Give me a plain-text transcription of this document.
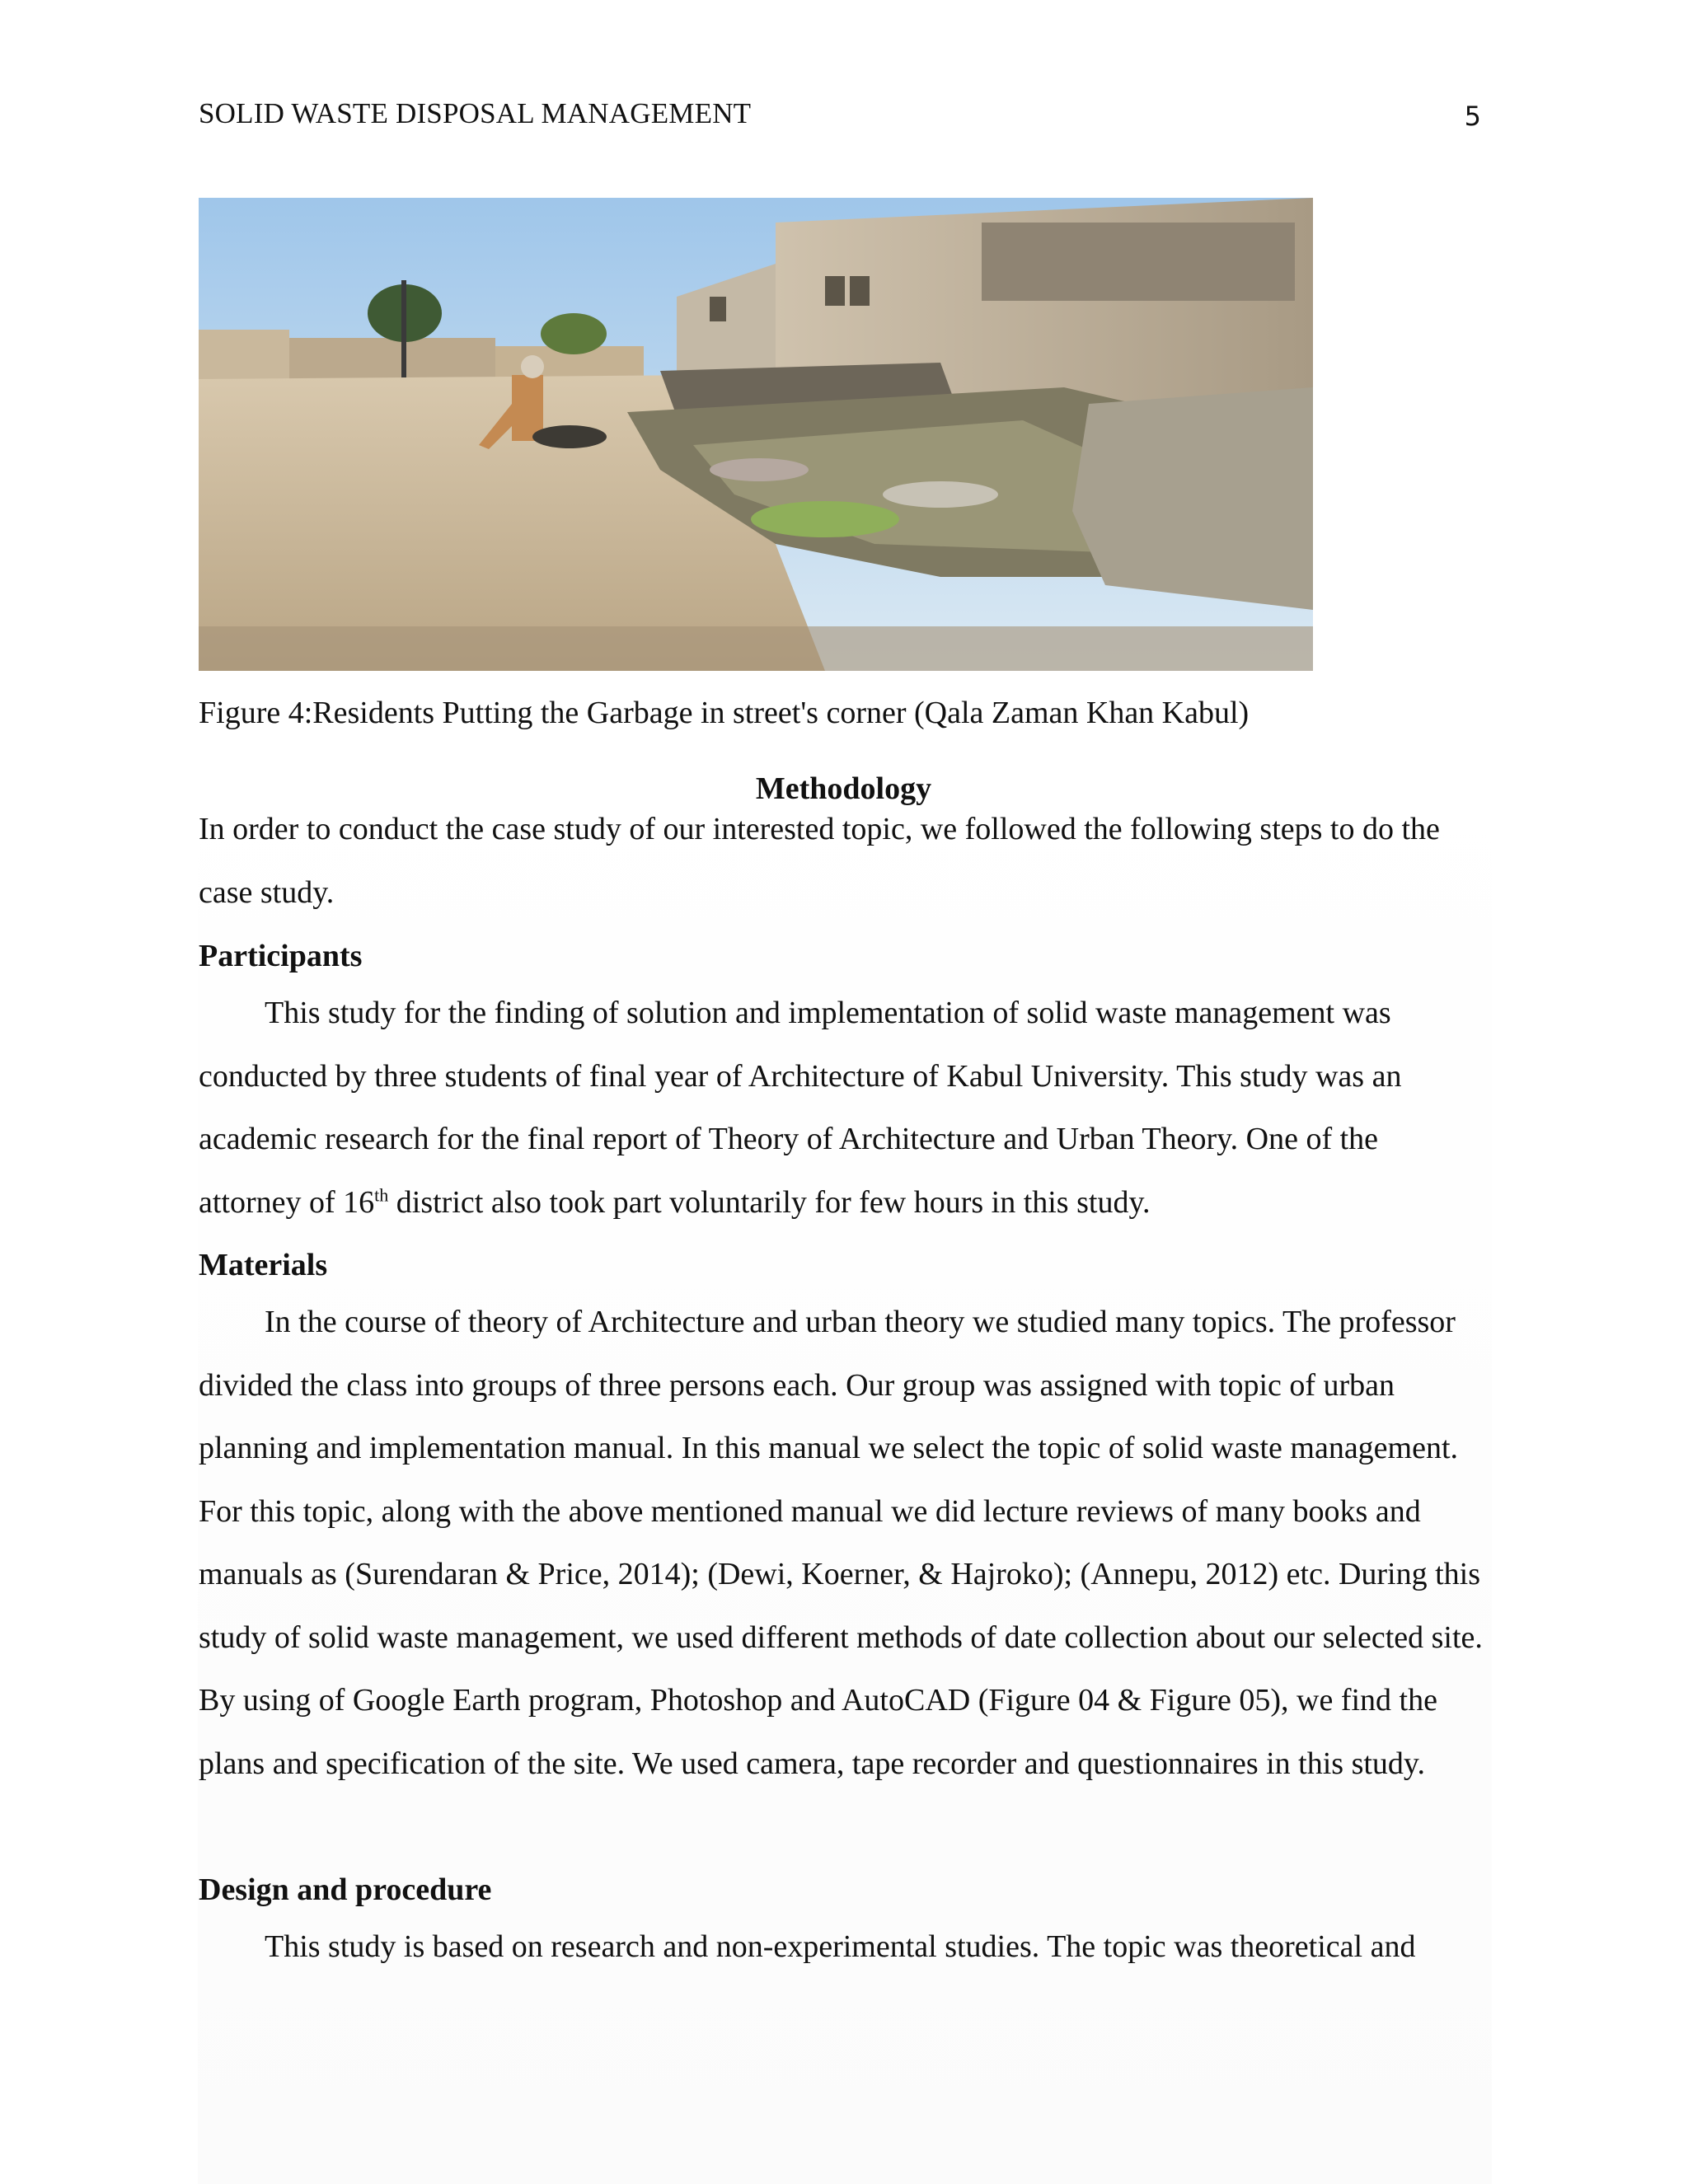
SOLID WASTE DISPOSAL MANAGEMENT	5
Figure 4:Residents Putting the Garbage in street's corner (Qala Zaman Khan Kabul)
Methodology

In order to conduct the case study of our interested topic, we followed the following steps to do the case study.

Participants

This study for the finding of solution and implementation of solid waste management was conducted by three students of final year of Architecture of Kabul University. This study was an academic research for the final report of Theory of Architecture and Urban Theory. One of the attorney of 16th district also took part voluntarily for few hours in this study.

Materials

In the course of theory of Architecture and urban theory we studied many topics. The professor divided the class into groups of three persons each. Our group was assigned with topic of urban planning and implementation manual. In this manual we select the topic of solid waste management. For this topic, along with the above mentioned manual we did lecture reviews of many books and manuals as (Surendaran & Price, 2014); (Dewi, Koerner, & Hajroko); (Annepu, 2012) etc. During this study of solid waste management, we used different methods of date collection about our selected site. By using of Google Earth program, Photoshop and AutoCAD (Figure 04 & Figure 05), we find the plans and specification of the site. We used camera, tape recorder and questionnaires in this study.

Design and procedure

This study is based on research and non-experimental studies. The topic was theoretical and
